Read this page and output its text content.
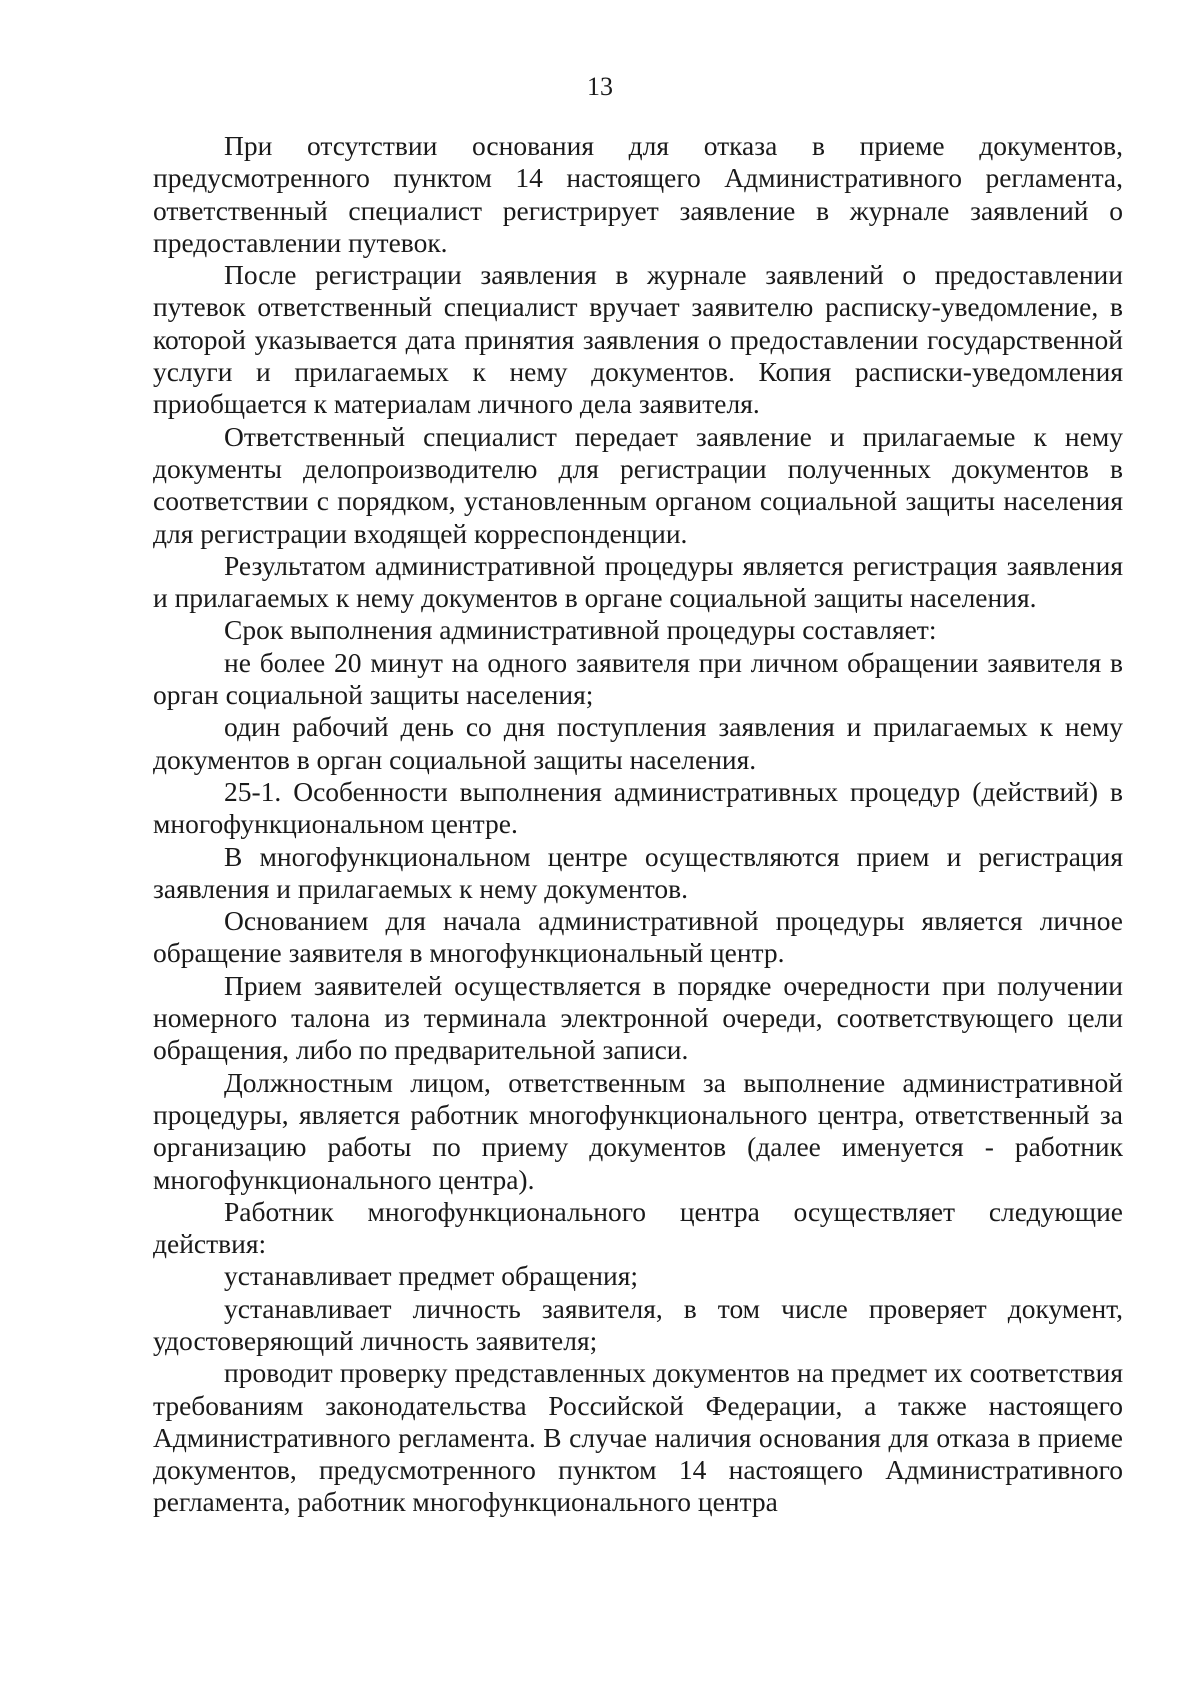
13

При отсутствии основания для отказа в приеме документов, предусмотренного пунктом 14 настоящего Административного регламента, ответственный специалист регистрирует заявление в журнале заявлений о предоставлении путевок.

После регистрации заявления в журнале заявлений о предоставлении путевок ответственный специалист вручает заявителю расписку-уведомление, в которой указывается дата принятия заявления о предоставлении государственной услуги и прилагаемых к нему документов. Копия расписки-уведомления приобщается к материалам личного дела заявителя.

Ответственный специалист передает заявление и прилагаемые к нему документы делопроизводителю для регистрации полученных документов в соответствии с порядком, установленным органом социальной защиты населения для регистрации входящей корреспонденции.

Результатом административной процедуры является регистрация заявления и прилагаемых к нему документов в органе социальной защиты населения.

Срок выполнения административной процедуры составляет:

не более 20 минут на одного заявителя при личном обращении заявителя в орган социальной защиты населения;

один рабочий день со дня поступления заявления и прилагаемых к нему документов в орган социальной защиты населения.

25-1. Особенности выполнения административных процедур (действий) в многофункциональном центре.

В многофункциональном центре осуществляются прием и регистрация заявления и прилагаемых к нему документов.

Основанием для начала административной процедуры является личное обращение заявителя в многофункциональный центр.

Прием заявителей осуществляется в порядке очередности при получении номерного талона из терминала электронной очереди, соответствующего цели обращения, либо по предварительной записи.

Должностным лицом, ответственным за выполнение административной процедуры, является работник многофункционального центра, ответственный за организацию работы по приему документов (далее именуется - работник многофункционального центра).

Работник многофункционального центра осуществляет следующие действия:

устанавливает предмет обращения;

устанавливает личность заявителя, в том числе проверяет документ, удостоверяющий личность заявителя;

проводит проверку представленных документов на предмет их соответствия требованиям законодательства Российской Федерации, а также настоящего Административного регламента. В случае наличия основания для отказа в приеме документов, предусмотренного пунктом 14 настоящего Административного регламента, работник многофункционального центра
